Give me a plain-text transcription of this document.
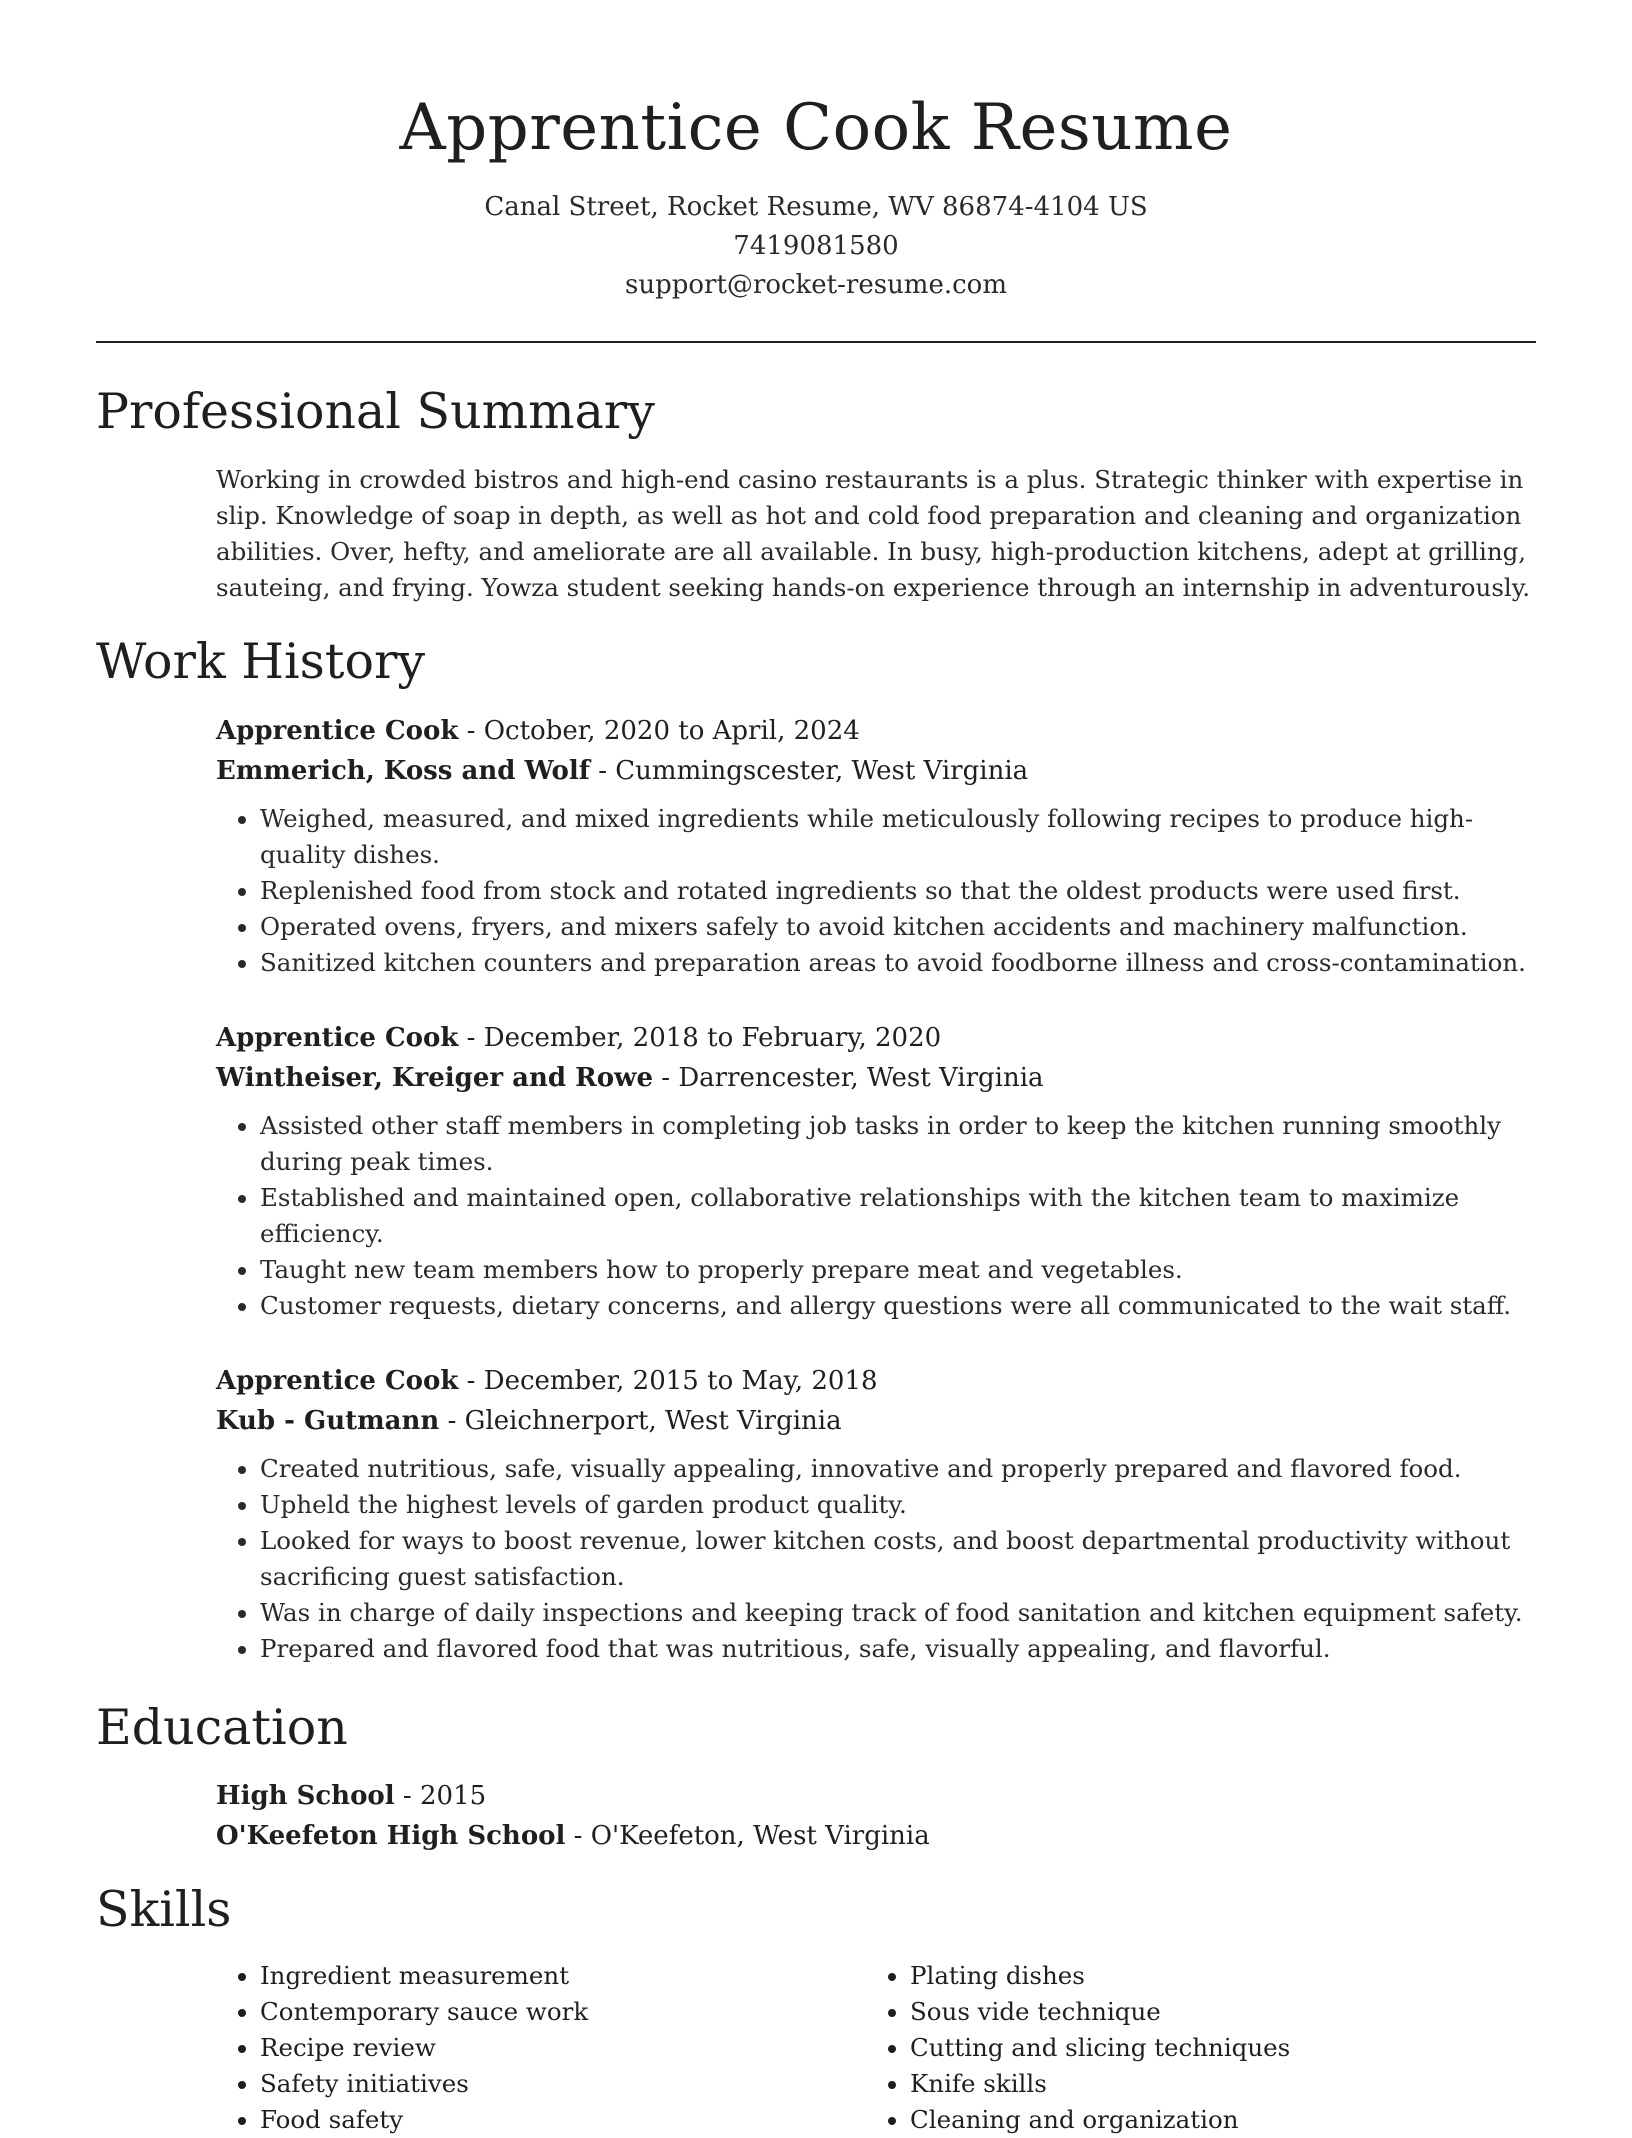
Apprentice Cook Resume
Canal Street, Rocket Resume, WV 86874-4104 US
7419081580
support@rocket-resume.com
Professional Summary

Working in crowded bistros and high-end casino restaurants is a plus. Strategic thinker with expertise in slip. Knowledge of soap in depth, as well as hot and cold food preparation and cleaning and organization abilities. Over, hefty, and ameliorate are all available. In busy, high-production kitchens, adept at grilling, sauteing, and frying. Yowza student seeking hands-on experience through an internship in adventurously.

Work History
Apprentice Cook - October, 2020 to April, 2024
Emmerich, Koss and Wolf - Cummingscester, West Virginia
• Weighed, measured, and mixed ingredients while meticulously following recipes to produce high-quality dishes.
• Replenished food from stock and rotated ingredients so that the oldest products were used first.
• Operated ovens, fryers, and mixers safely to avoid kitchen accidents and machinery malfunction.
• Sanitized kitchen counters and preparation areas to avoid foodborne illness and cross-contamination.
Apprentice Cook - December, 2018 to February, 2020
Wintheiser, Kreiger and Rowe - Darrencester, West Virginia
• Assisted other staff members in completing job tasks in order to keep the kitchen running smoothly during peak times.
• Established and maintained open, collaborative relationships with the kitchen team to maximize efficiency.
• Taught new team members how to properly prepare meat and vegetables.
• Customer requests, dietary concerns, and allergy questions were all communicated to the wait staff.
Apprentice Cook - December, 2015 to May, 2018
Kub - Gutmann - Gleichnerport, West Virginia
• Created nutritious, safe, visually appealing, innovative and properly prepared and flavored food.
• Upheld the highest levels of garden product quality.
• Looked for ways to boost revenue, lower kitchen costs, and boost departmental productivity without sacrificing guest satisfaction.
• Was in charge of daily inspections and keeping track of food sanitation and kitchen equipment safety.
• Prepared and flavored food that was nutritious, safe, visually appealing, and flavorful.
Education
High School - 2015
O'Keefeton High School - O'Keefeton, West Virginia
Skills
• Ingredient measurement
• Contemporary sauce work
• Recipe review
• Safety initiatives
• Food safety
• Plating dishes
• Sous vide technique
• Cutting and slicing techniques
• Knife skills
• Cleaning and organization
